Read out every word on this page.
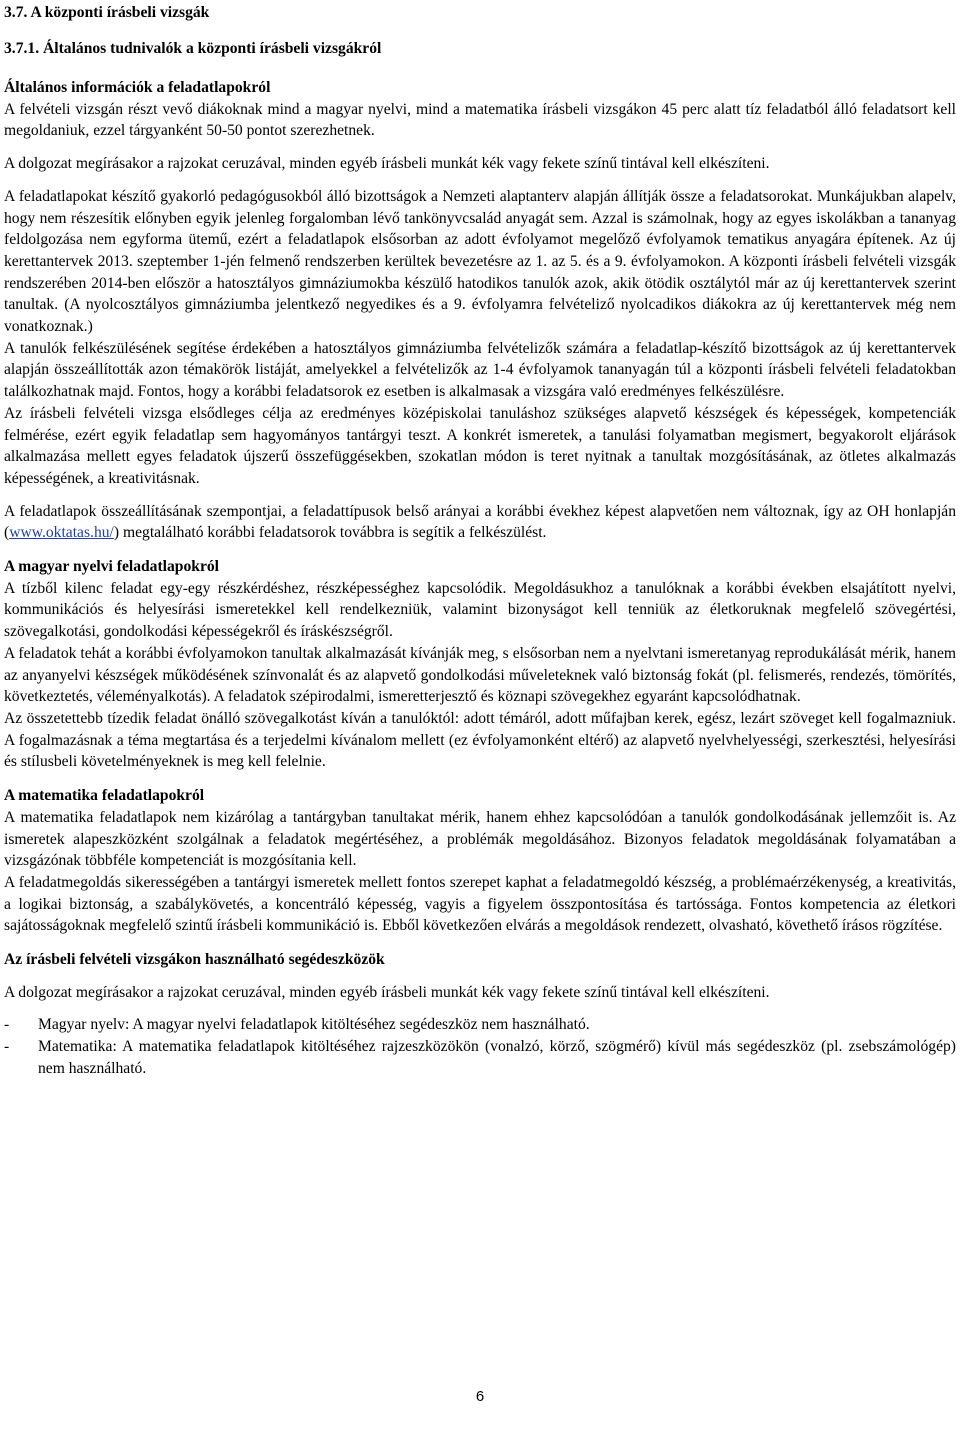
3.7. A központi írásbeli vizsgák
3.7.1. Általános tudnivalók a központi írásbeli vizsgákról
Általános információk a feladatlapokról

A felvételi vizsgán részt vevő diákoknak mind a magyar nyelvi, mind a matematika írásbeli vizsgákon 45 perc alatt tíz feladatból álló feladatsort kell megoldaniuk, ezzel tárgyanként 50-50 pontot szerezhetnek.

A dolgozat megírásakor a rajzokat ceruzával, minden egyéb írásbeli munkát kék vagy fekete színű tintával kell elkészíteni.

A feladatlapokat készítő gyakorló pedagógusokból álló bizottságok a Nemzeti alaptanterv alapján állítják össze a feladatsorokat. Munkájukban alapelv, hogy nem részesítik előnyben egyik jelenleg forgalomban lévő tankönyvcsalád anyagát sem. Azzal is számolnak, hogy az egyes iskolákban a tananyag feldolgozása nem egyforma ütemű, ezért a feladatlapok elsősorban az adott évfolyamot megelőző évfolyamok tematikus anyagára építenek. Az új kerettantervek 2013. szeptember 1-jén felmenő rendszerben kerültek bevezetésre az 1. az 5. és a 9. évfolyamokon. A központi írásbeli felvételi vizsgák rendszerében 2014-ben először a hatosztályos gimnáziumokba készülő hatodikos tanulók azok, akik ötödik osztálytól már az új kerettantervek szerint tanultak. (A nyolcosztályos gimnáziumba jelentkező negyedikes és a 9. évfolyamra felvételiző nyolcadikos diákokra az új kerettantervek még nem vonatkoznak.)

A tanulók felkészülésének segítése érdekében a hatosztályos gimnáziumba felvételizők számára a feladatlap-készítő bizottságok az új kerettantervek alapján összeállították azon témakörök listáját, amelyekkel a felvételizők az 1-4 évfolyamok tananyagán túl a központi írásbeli felvételi feladatokban találkozhatnak majd. Fontos, hogy a korábbi feladatsorok ez esetben is alkalmasak a vizsgára való eredményes felkészülésre.

Az írásbeli felvételi vizsga elsődleges célja az eredményes középiskolai tanuláshoz szükséges alapvető készségek és képességek, kompetenciák felmérése, ezért egyik feladatlap sem hagyományos tantárgyi teszt. A konkrét ismeretek, a tanulási folyamatban megismert, begyakorolt eljárások alkalmazása mellett egyes feladatok újszerű összefüggésekben, szokatlan módon is teret nyitnak a tanultak mozgósításának, az ötletes alkalmazás képességének, a kreativitásnak.

A feladatlapok összeállításának szempontjai, a feladattípusok belső arányai a korábbi évekhez képest alapvetően nem változnak, így az OH honlapján (www.oktatas.hu/) megtalálható korábbi feladatsorok továbbra is segítik a felkészülést.

A magyar nyelvi feladatlapokról

A tízből kilenc feladat egy-egy részkérdéshez, részképességhez kapcsolódik. Megoldásukhoz a tanulóknak a korábbi években elsajátított nyelvi, kommunikációs és helyesírási ismeretekkel kell rendelkezniük, valamint bizonyságot kell tenniük az életkoruknak megfelelő szövegértési, szövegalkotási, gondolkodási képességekről és íráskészségről.

A feladatok tehát a korábbi évfolyamokon tanultak alkalmazását kívánják meg, s elsősorban nem a nyelvtani ismeretanyag reprodukálását mérik, hanem az anyanyelvi készségek működésének színvonalát és az alapvető gondolkodási műveleteknek való biztonság fokát (pl. felismerés, rendezés, tömörítés, következtetés, véleményalkotás). A feladatok szépirodalmi, ismeretterjesztő és köznapi szövegekhez egyaránt kapcsolódhatnak.

Az összetettebb tízedik feladat önálló szövegalkotást kíván a tanulóktól: adott témáról, adott műfajban kerek, egész, lezárt szöveget kell fogalmazniuk. A fogalmazásnak a téma megtartása és a terjedelmi kívánalom mellett (ez évfolyamonként eltérő) az alapvető nyelvhelyességi, szerkesztési, helyesírási és stílusbeli követelményeknek is meg kell felelnie.

A matematika feladatlapokról

A matematika feladatlapok nem kizárólag a tantárgyban tanultakat mérik, hanem ehhez kapcsolódóan a tanulók gondolkodásának jellemzőit is. Az ismeretek alapeszközként szolgálnak a feladatok megértéséhez, a problémák megoldásához. Bizonyos feladatok megoldásának folyamatában a vizsgázónak többféle kompetenciát is mozgósítania kell.

A feladatmegoldás sikerességében a tantárgyi ismeretek mellett fontos szerepet kaphat a feladatmegoldó készség, a problémaérzékenység, a kreativitás, a logikai biztonság, a szabálykövetés, a koncentráló képesség, vagyis a figyelem összpontosítása és tartóssága. Fontos kompetencia az életkori sajátosságoknak megfelelő szintű írásbeli kommunikáció is. Ebből következően elvárás a megoldások rendezett, olvasható, követhető írásos rögzítése.

Az írásbeli felvételi vizsgákon használható segédeszközök

A dolgozat megírásakor a rajzokat ceruzával, minden egyéb írásbeli munkát kék vagy fekete színű tintával kell elkészíteni.

-	Magyar nyelv: A magyar nyelvi feladatlapok kitöltéséhez segédeszköz nem használható.
-	Matematika: A matematika feladatlapok kitöltéséhez rajzeszközökön (vonalzó, körző, szögmérő) kívül más segédeszköz (pl. zsebszámológép) nem használható.
6
